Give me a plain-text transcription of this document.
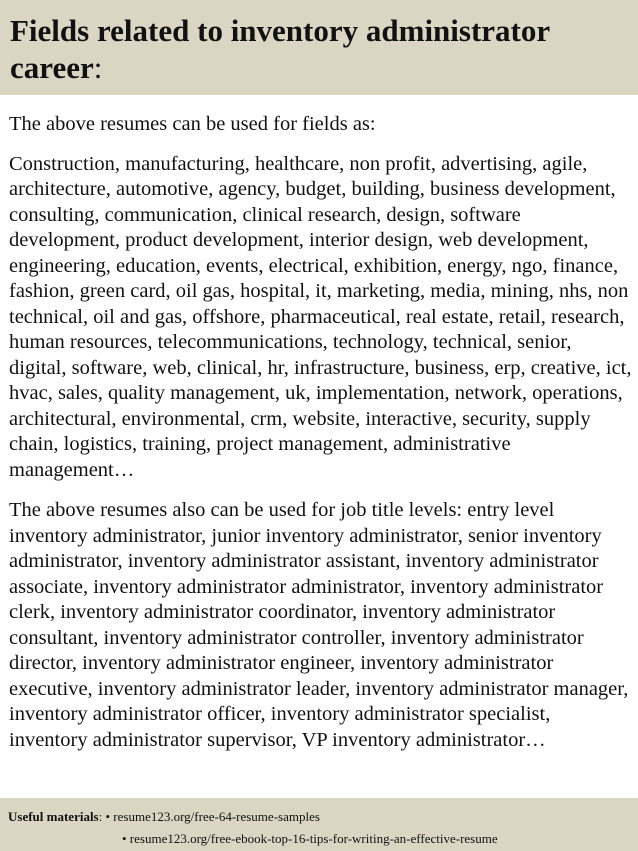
Fields related to inventory administrator career:

The above resumes can be used for fields as:

Construction, manufacturing, healthcare, non profit, advertising, agile, architecture, automotive, agency, budget, building, business development, consulting, communication, clinical research, design, software development, product development, interior design, web development, engineering, education, events, electrical, exhibition, energy, ngo, finance, fashion, green card, oil gas, hospital, it, marketing, media, mining, nhs, non technical, oil and gas, offshore, pharmaceutical, real estate, retail, research, human resources, telecommunications, technology, technical, senior, digital, software, web, clinical, hr, infrastructure, business, erp, creative, ict, hvac, sales, quality management, uk, implementation, network, operations, architectural, environmental, crm, website, interactive, security, supply chain, logistics, training, project management, administrative management…

The above resumes also can be used for job title levels: entry level inventory administrator, junior inventory administrator, senior inventory administrator, inventory administrator assistant, inventory administrator associate, inventory administrator administrator, inventory administrator clerk, inventory administrator coordinator, inventory administrator consultant, inventory administrator controller, inventory administrator director, inventory administrator engineer, inventory administrator executive, inventory administrator leader, inventory administrator manager, inventory administrator officer, inventory administrator specialist, inventory administrator supervisor, VP inventory administrator…

Useful materials: • resume123.org/free-64-resume-samples
• resume123.org/free-ebook-top-16-tips-for-writing-an-effective-resume
